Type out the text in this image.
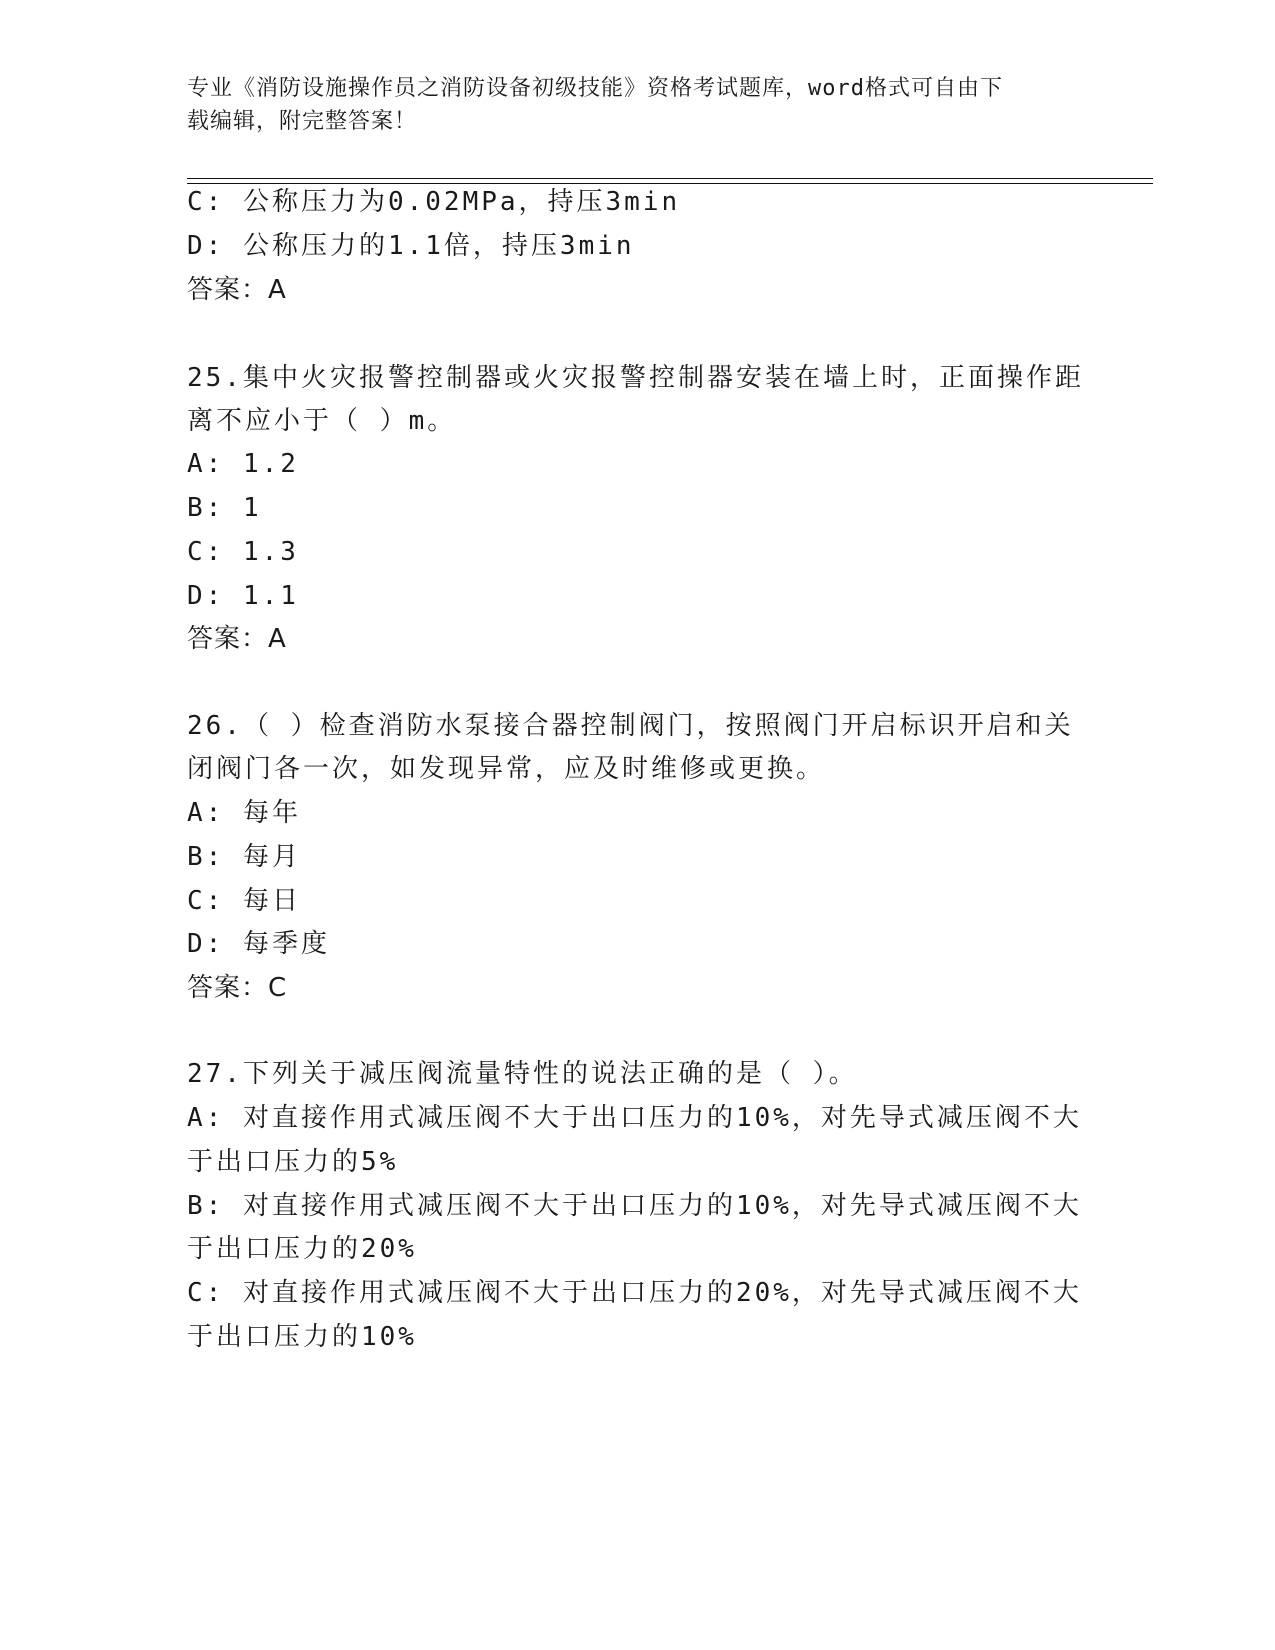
专业《消防设施操作员之消防设备初级技能》资格考试题库，word格式可自由下
载编辑，附完整答案！
C: 公称压力为0.02MPa，持压3min
D: 公称压力的1.1倍，持压3min
答案：A
25.集中火灾报警控制器或火灾报警控制器安装在墙上时，正面操作距
离不应小于（ ）m。
A: 1.2
B: 1
C: 1.3
D: 1.1
答案：A
26.（ ）检查消防水泵接合器控制阀门，按照阀门开启标识开启和关
闭阀门各一次，如发现异常，应及时维修或更换。
A: 每年
B: 每月
C: 每日
D: 每季度
答案：C
27.下列关于减压阀流量特性的说法正确的是（ ）。
A: 对直接作用式减压阀不大于出口压力的10%，对先导式减压阀不大
于出口压力的5%
B: 对直接作用式减压阀不大于出口压力的10%，对先导式减压阀不大
于出口压力的20%
C: 对直接作用式减压阀不大于出口压力的20%，对先导式减压阀不大
于出口压力的10%
